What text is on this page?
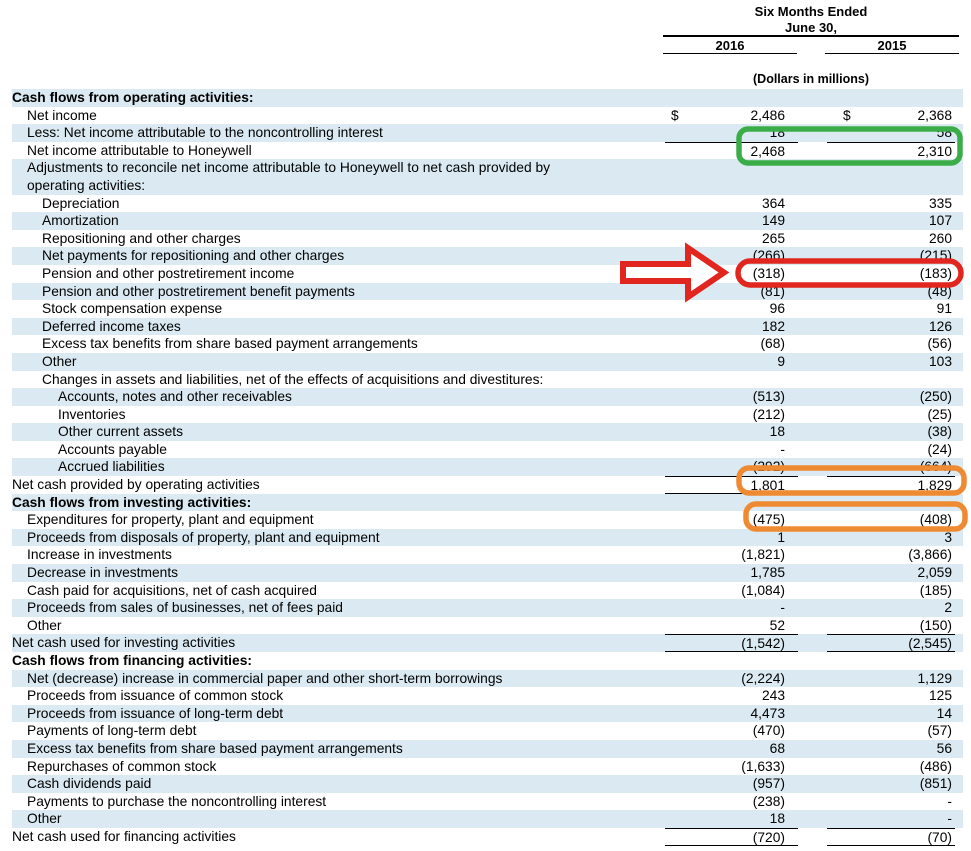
Six Months Ended
June 30,
2016	2015
(Dollars in millions)
Cash flows from operating activities:
Net income	$	2,486	$	2,368
Less: Net income attributable to the noncontrolling interest	18	58
Net income attributable to Honeywell	2,468	2,310
Adjustments to reconcile net income attributable to Honeywell to net cash provided by operating activities:
Depreciation	364	335
Amortization	149	107
Repositioning and other charges	265	260
Net payments for repositioning and other charges	(266)	(215)
Pension and other postretirement income	(318)	(183)
Pension and other postretirement benefit payments	(81)	(48)
Stock compensation expense	96	91
Deferred income taxes	182	126
Excess tax benefits from share based payment arrangements	(68)	(56)
Other	9	103
Changes in assets and liabilities, net of the effects of acquisitions and divestitures:
Accounts, notes and other receivables	(513)	(250)
Inventories	(212)	(25)
Other current assets	18	(38)
Accounts payable	-	(24)
Accrued liabilities	(292)	(664)
Net cash provided by operating activities	1,801	1,829
Cash flows from investing activities:
Expenditures for property, plant and equipment	(475)	(408)
Proceeds from disposals of property, plant and equipment	1	3
Increase in investments	(1,821)	(3,866)
Decrease in investments	1,785	2,059
Cash paid for acquisitions, net of cash acquired	(1,084)	(185)
Proceeds from sales of businesses, net of fees paid	-	2
Other	52	(150)
Net cash used for investing activities	(1,542)	(2,545)
Cash flows from financing activities:
Net (decrease) increase in commercial paper and other short-term borrowings	(2,224)	1,129
Proceeds from issuance of common stock	243	125
Proceeds from issuance of long-term debt	4,473	14
Payments of long-term debt	(470)	(57)
Excess tax benefits from share based payment arrangements	68	56
Repurchases of common stock	(1,633)	(486)
Cash dividends paid	(957)	(851)
Payments to purchase the noncontrolling interest	(238)	-
Other	18	-
Net cash used for financing activities	(720)	(70)
